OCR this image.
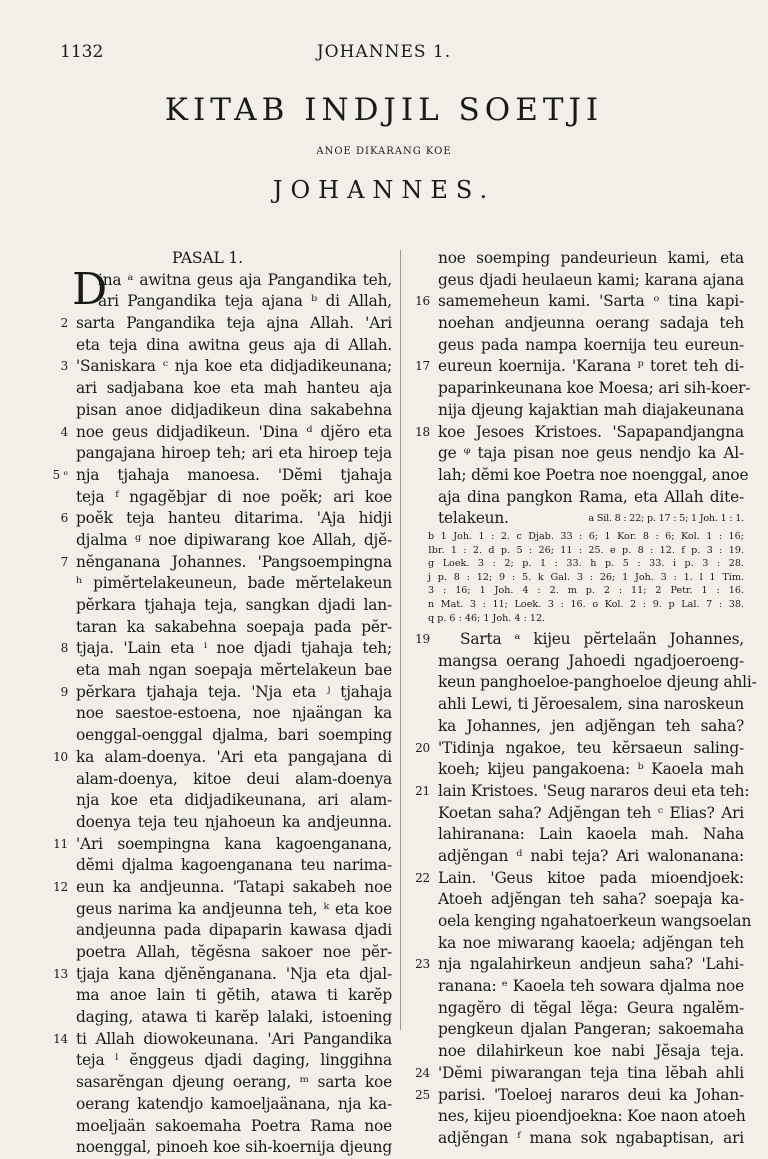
1132	JOHANNES 1.
KITAB INDJIL SOETJI
ANOE DIKARANG KOE
JOHANNES.
PASAL 1.
D
ina ᵃ awitna geus aja Pangandika teh,
ari Pangandika teja ajana ᵇ di Allah,
2 sarta Pangandika teja ajna Allah. 'Ari
eta teja dina awitna geus aja di Allah.
3 'Saniskara ᶜ nja koe eta didjadikeunana;
ari sadjabana koe eta mah hanteu aja
pisan anoe didjadikeun dina sakabehna
4 noe geus didjadikeun. 'Dina ᵈ djĕro eta
pangajana hiroep teh; ari eta hiroep teja
5 ᵉ nja tjahaja manoesa. 'Dĕmi tjahaja
teja ᶠ ngagĕbjar di noe poĕk; ari koe
6 poĕk teja hanteu ditarima. 'Aja hidji
djalma ᵍ noe dipiwarang koe Allah, djĕ-
7 nĕnganana Johannes. 'Pangsoempingna
ʰ pimĕrtelakeuneun, bade mĕrtelakeun
pĕrkara tjahaja teja, sangkan djadi lan-
taran ka sakabehna soepaja pada pĕr-
8 tjaja. 'Lain eta ⁱ noe djadi tjahaja teh;
eta mah ngan soepaja mĕrtelakeun bae
9 pĕrkara tjahaja teja. 'Nja eta ʲ tjahaja
noe saestoe-estoena, noe njaängan ka
oenggal-oenggal djalma, bari soemping
10 ka alam-doenya. 'Ari eta pangajana di
alam-doenya, kitoe deui alam-doenya
nja koe eta didjadikeunana, ari alam-
doenya teja teu njahoeun ka andjeunna.
11 'Ari soempingna kana kagoenganana,
dĕmi djalma kagoenganana teu narima-
12 eun ka andjeunna. 'Tatapi sakabeh noe
geus narima ka andjeunna teh, ᵏ eta koe
andjeunna pada dipaparin kawasa djadi
poetra Allah, tĕgĕsna sakoer noe pĕr-
13 tjaja kana djĕnĕnganana. 'Nja eta djal-
ma anoe lain ti gĕtih, atawa ti karĕp
daging, atawa ti karĕp lalaki, istoening
14 ti Allah diowokeunana. 'Ari Pangandika
teja ˡ ĕnggeus djadi daging, linggihna
sasarĕngan djeung oerang, ᵐ sarta koe
oerang katendjo kamoeljaänana, nja ka-
moeljaän sakoemaha Poetra Rama noe
noenggal, pinoeh koe sih-koernija djeung
noe soemping pandeurieun kami, eta
geus djadi heulaeun kami; karana ajana
16 samemeheun kami. 'Sarta ᵒ tina kapi-
noehan andjeunna oerang sadaja teh
geus pada nampa koernija teu eureun-
17 eureun koernija. 'Karana ᵖ toret teh di-
paparinkeunana koe Moesa; ari sih-koer-
nija djeung kajaktian mah diajakeunana
18 koe Jesoes Kristoes. 'Sapapandjangna
ge ᵠ taja pisan noe geus nendjo ka Al-
lah; dĕmi koe Poetra noe noenggal, anoe
aja dina pangkon Rama, eta Allah dite-
telakeun.	a Sil. 8 : 22; p. 17 : 5; 1 Joh. 1 : 1.
b 1 Joh. 1 : 2. c Djab. 33 : 6; 1 Kor. 8 : 6; Kol. 1 : 16;
Ibr. 1 : 2. d p. 5 : 26; 11 : 25. e p. 8 : 12. f p. 3 : 19.
g Loek. 3 : 2; p. 1 : 33. h p. 5 : 33. i p. 3 : 28.
j p. 8 : 12; 9 : 5. k Gal. 3 : 26; 1 Joh. 3 : 1. l 1 Tim.
3 : 16; 1 Joh. 4 : 2. m p. 2 : 11; 2 Petr. 1 : 16.
n Mat. 3 : 11; Loek. 3 : 16. o Kol. 2 : 9. p Lal. 7 : 38.
q p. 6 : 46; 1 Joh. 4 : 12.
19 Sarta ᵃ kijeu pĕrtelaän Johannes,
mangsa oerang Jahoedi ngadjoeroeng-
keun panghoeloe-panghoeloe djeung ahli-
ahli Lewi, ti Jĕroesalem, sina naroskeun
ka Johannes, jen adjĕngan teh saha?
20 'Tidinja ngakoe, teu kĕrsaeun saling-
koeh; kijeu pangakoena: ᵇ Kaoela mah
21 lain Kristoes. 'Seug nararos deui eta teh:
Koetan saha? Adjĕngan teh ᶜ Elias? Ari
lahiranana: Lain kaoela mah. Naha
adjĕngan ᵈ nabi teja? Ari walonanana:
22 Lain. 'Geus kitoe pada mioendjoek:
Atoeh adjĕngan teh saha? soepaja ka-
oela kenging ngahatoerkeun wangsoelan
ka noe miwarang kaoela; adjĕngan teh
23 nja ngalahirkeun andjeun saha? 'Lahi-
ranana: ᵉ Kaoela teh sowara djalma noe
ngagĕro di tĕgal lĕga: Geura ngalĕm-
pengkeun djalan Pangeran; sakoemaha
noe dilahirkeun koe nabi Jĕsaja teja.
24 'Dĕmi piwarangan teja tina lĕbah ahli
25 parisi. 'Toeloej nararos deui ka Johan-
nes, kijeu pioendjoekna: Koe naon atoeh
adjĕngan ᶠ mana sok ngabaptisan, ari
